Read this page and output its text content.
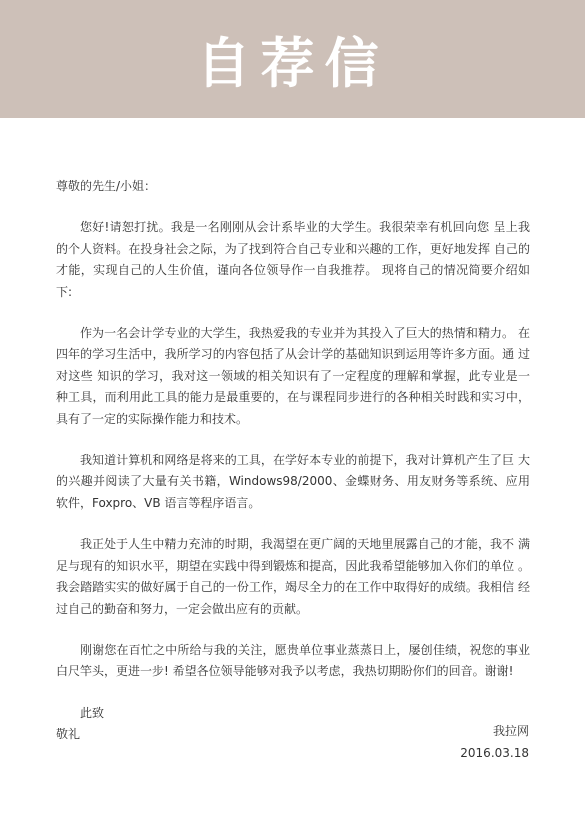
自荐信

尊敬的先生/小姐：

您好!请恕打扰。我是一名刚刚从会计系毕业的大学生。我很荣幸有机回向您 呈上我的个人资料。在投身社会之际，为了找到符合自己专业和兴趣的工作，更好地发挥 自己的才能，实现自己的人生价值，谨向各位领导作一自我推荐。 现将自己的情况简要介绍如下:

作为一名会计学专业的大学生，我热爱我的专业并为其投入了巨大的热情和精力。 在四年的学习生活中，我所学习的内容包括了从会计学的基础知识到运用等许多方面。通 过对这些 知识的学习，我对这一领域的相关知识有了一定程度的理解和掌握，此专业是一 种工具，而利用此工具的能力是最重要的，在与课程同步进行的各种相关时践和实习中， 具有了一定的实际操作能力和技术。

我知道计算机和网络是将来的工具，在学好本专业的前提下，我对计算机产生了巨 大的兴趣并阅读了大量有关书籍，Windows98/2000、金蝶财务、用友财务等系统、应用 软件，Foxpro、VB 语言等程序语言。

我正处于人生中精力充沛的时期，我渴望在更广阔的天地里展露自己的才能，我不 满足与现有的知识水平，期望在实践中得到锻炼和提高，因此我希望能够加入你们的单位 。我会踏踏实实的做好属于自己的一份工作，竭尽全力的在工作中取得好的成绩。我相信 经过自己的勤奋和努力，一定会做出应有的贡献。

刚谢您在百忙之中所给与我的关注，愿贵单位事业蒸蒸日上，屡创佳绩，祝您的事业 白尺竿头，更进一步! 希望各位领导能够对我予以考虑，我热切期盼你们的回音。谢谢!

此致

敬礼	我拉网
2016.03.18
